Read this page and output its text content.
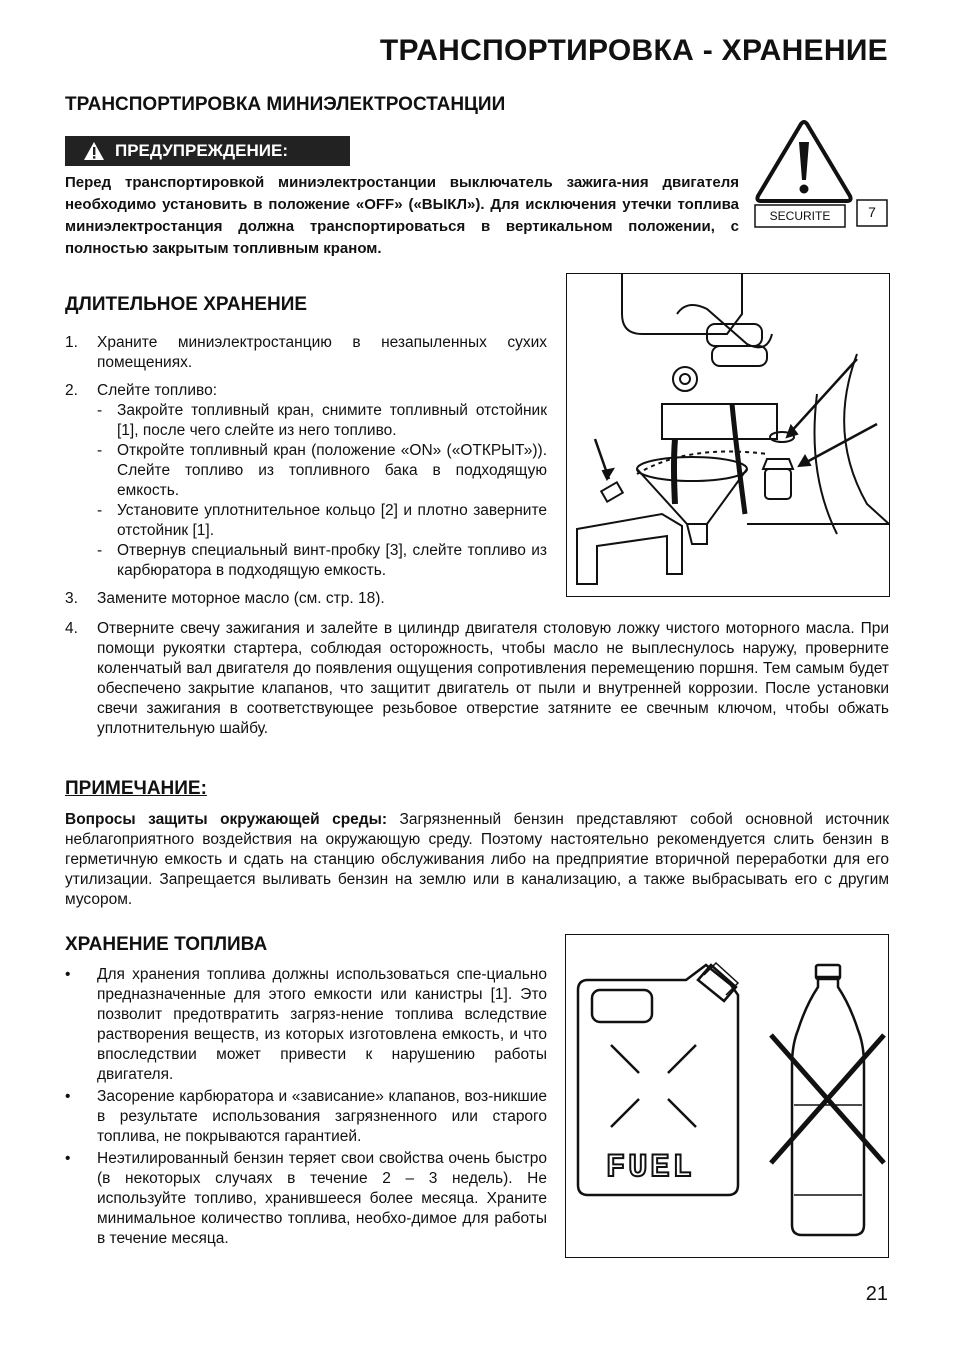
ТРАНСПОРТИРОВКА - ХРАНЕНИЕ
ТРАНСПОРТИРОВКА МИНИЭЛЕКТРОСТАНЦИИ
ПРЕДУПРЕЖДЕНИЕ:
Перед транспортировкой миниэлектростанции выключатель зажига-ния двигателя необходимо установить в положение «OFF» («ВЫКЛ»). Для исключения утечки топлива миниэлектростанция должна транспортироваться в вертикальном положении, с полностью закрытым топливным краном.
SECURITE	7
ДЛИТЕЛЬНОЕ ХРАНЕНИЕ
1. Храните миниэлектростанцию в незапыленных сухих помещениях.
2. Слейте топливо:
- Закройте топливный кран, снимите топливный отстойник [1], после чего слейте из него топливо.
- Откройте топливный кран (положение «ON» («ОТКРЫТ»)). Слейте топливо из топливного бака в подходящую емкость.
- Установите уплотнительное кольцо [2] и плотно заверните отстойник [1].
- Отвернув специальный винт-пробку [3], слейте топливо из карбюратора в подходящую емкость.
3. Замените моторное масло (см. стр. 18).
4. Отверните свечу зажигания и залейте в цилиндр двигателя столовую ложку чистого моторного масла. При помощи рукоятки стартера, соблюдая осторожность, чтобы масло не выплеснулось наружу, проверните коленчатый вал двигателя до появления ощущения сопротивления перемещению поршня. Тем самым будет обеспечено закрытие клапанов, что защитит двигатель от пыли и внутренней коррозии. После установки свечи зажигания в соответствующее резьбовое отверстие затяните ее свечным ключом, чтобы обжать уплотнительную шайбу.
ПРИМЕЧАНИЕ:
Вопросы защиты окружающей среды: Загрязненный бензин представляют собой основной источник неблагоприятного воздействия на окружающую среду. Поэтому настоятельно рекомендуется слить бензин в герметичную емкость и сдать на станцию обслуживания либо на предприятие вторичной переработки для его утилизации. Запрещается выливать бензин на землю или в канализацию, а также выбрасывать его с другим мусором.
ХРАНЕНИЕ ТОПЛИВА
• Для хранения топлива должны использоваться спе-циально предназначенные для этого емкости или канистры [1]. Это позволит предотвратить загряз-нение топлива вследствие растворения веществ, из которых изготовлена емкость, и что впоследствии может привести к нарушению работы двигателя.
• Засорение карбюратора и «зависание» клапанов, воз-никшие в результате использования загрязненного или старого топлива, не покрываются гарантией.
• Неэтилированный бензин теряет свои свойства очень быстро (в некоторых случаях в течение 2 – 3 недель). Не используйте топливо, хранившееся более месяца. Храните минимальное количество топлива, необхо-димое для работы в течение месяца.
FUEL
21
